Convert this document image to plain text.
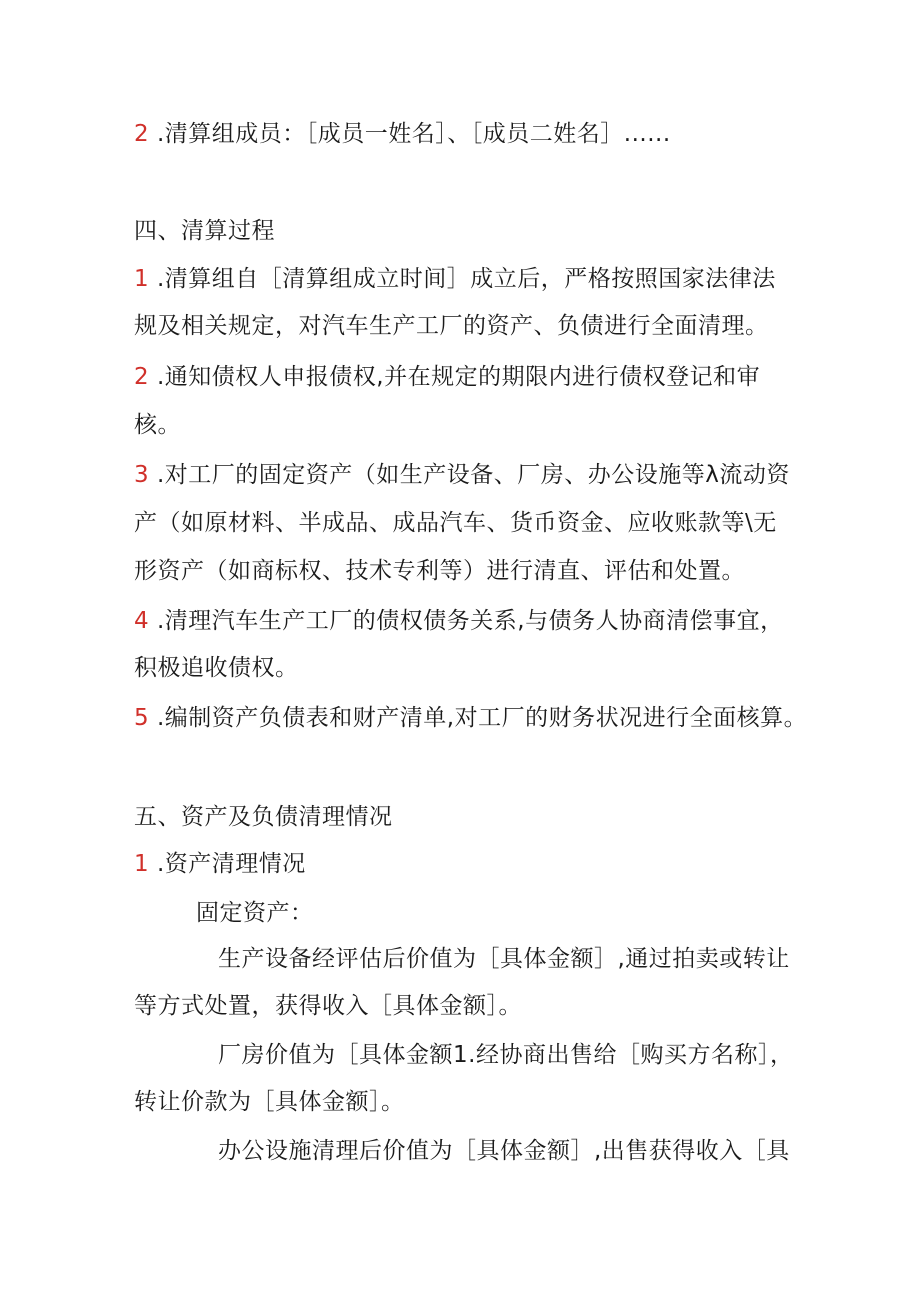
2 .清算组成员：［成员一姓名］、［成员二姓名］......
四、清算过程
1 .清算组自［清算组成立时间］成立后，严格按照国家法律法
规及相关规定，对汽车生产工厂的资产、负债进行全面清理。
2 .通知债权人申报债权,并在规定的期限内进行债权登记和审
核。
3 .对工厂的固定资产（如生产设备、厂房、办公设施等λ流动资
产（如原材料、半成品、成品汽车、货币资金、应收账款等\无
形资产（如商标权、技术专利等）进行清直、评估和处置。
4 .清理汽车生产工厂的债权债务关系,与债务人协商清偿事宜，
积极追收债权。
5 .编制资产负债表和财产清单,对工厂的财务状况进行全面核算。
五、资产及负债清理情况
1 .资产清理情况
固定资产：
生产设备经评估后价值为［具体金额］,通过拍卖或转让
等方式处置，获得收入［具体金额］。
厂房价值为［具体金额1.经协商出售给［购买方名称］，
转让价款为［具体金额］。
办公设施清理后价值为［具体金额］,出售获得收入［具
